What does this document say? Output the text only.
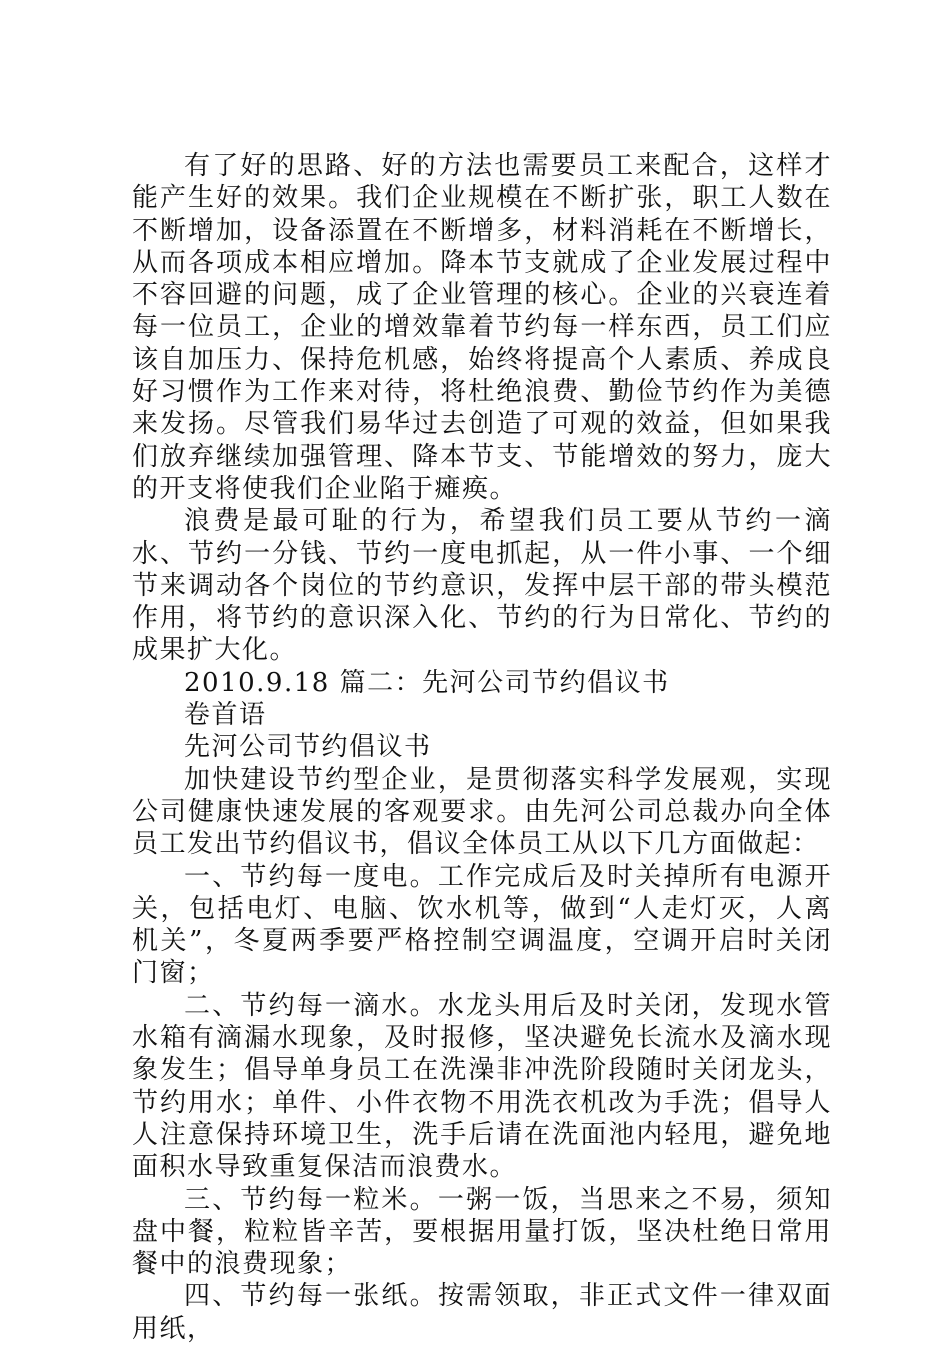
有了好的思路、好的方法也需要员工来配合，这样才能产生好的效果。我们企业规模在不断扩张，职工人数在不断增加，设备添置在不断增多，材料消耗在不断增长，从而各项成本相应增加。降本节支就成了企业发展过程中不容回避的问题，成了企业管理的核心。企业的兴衰连着每一位员工，企业的增效靠着节约每一样东西，员工们应该自加压力、保持危机感，始终将提高个人素质、养成良好习惯作为工作来对待，将杜绝浪费、勤俭节约作为美德来发扬。尽管我们易华过去创造了可观的效益，但如果我们放弃继续加强管理、降本节支、节能增效的努力，庞大的开支将使我们企业陷于瘫痪。

浪费是最可耻的行为，希望我们员工要从节约一滴水、节约一分钱、节约一度电抓起，从一件小事、一个细节来调动各个岗位的节约意识，发挥中层干部的带头模范作用，将节约的意识深入化、节约的行为日常化、节约的成果扩大化。

2010.9.18 篇二：先河公司节约倡议书

卷首语

先河公司节约倡议书

加快建设节约型企业，是贯彻落实科学发展观，实现公司健康快速发展的客观要求。由先河公司总裁办向全体员工发出节约倡议书，倡议全体员工从以下几方面做起：

一、节约每一度电。工作完成后及时关掉所有电源开关，包括电灯、电脑、饮水机等，做到“人走灯灭，人离机关”，冬夏两季要严格控制空调温度，空调开启时关闭门窗；

二、节约每一滴水。水龙头用后及时关闭，发现水管水箱有滴漏水现象，及时报修，坚决避免长流水及滴水现象发生；倡导单身员工在洗澡非冲洗阶段随时关闭龙头，节约用水；单件、小件衣物不用洗衣机改为手洗；倡导人人注意保持环境卫生，洗手后请在洗面池内轻甩，避免地面积水导致重复保洁而浪费水。

三、节约每一粒米。一粥一饭，当思来之不易，须知盘中餐，粒粒皆辛苦，要根据用量打饭，坚决杜绝日常用餐中的浪费现象；

四、节约每一张纸。按需领取，非正式文件一律双面用纸，
